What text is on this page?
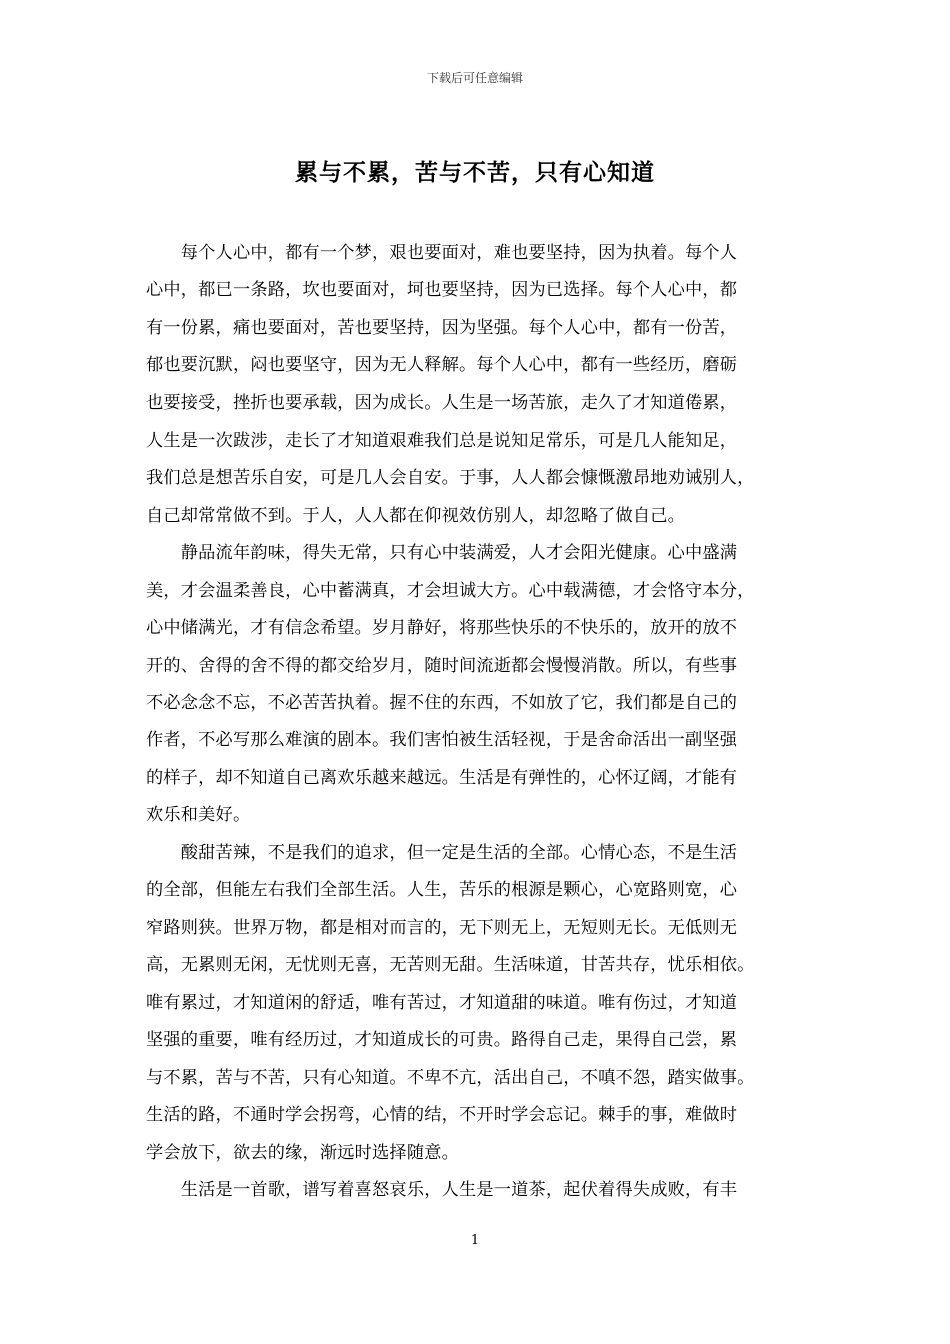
下载后可任意编辑
累与不累，苦与不苦，只有心知道
　　每个人心中，都有一个梦，艰也要面对，难也要坚持，因为执着。每个人
心中，都已一条路，坎也要面对，坷也要坚持，因为已选择。每个人心中，都
有一份累，痛也要面对，苦也要坚持，因为坚强。每个人心中，都有一份苦，
郁也要沉默，闷也要坚守，因为无人释解。每个人心中，都有一些经历，磨砺
也要接受，挫折也要承载，因为成长。人生是一场苦旅，走久了才知道倦累，
人生是一次跋涉，走长了才知道艰难我们总是说知足常乐，可是几人能知足，
我们总是想苦乐自安，可是几人会自安。于事，人人都会慷慨激昂地劝诫别人，
自己却常常做不到。于人，人人都在仰视效仿别人，却忽略了做自己。
　　静品流年韵味，得失无常，只有心中装满爱，人才会阳光健康。心中盛满
美，才会温柔善良，心中蓄满真，才会坦诚大方。心中载满德，才会恪守本分，
心中储满光，才有信念希望。岁月静好，将那些快乐的不快乐的，放开的放不
开的、舍得的舍不得的都交给岁月，随时间流逝都会慢慢消散。所以，有些事
不必念念不忘，不必苦苦执着。握不住的东西，不如放了它，我们都是自己的
作者，不必写那么难演的剧本。我们害怕被生活轻视，于是舍命活出一副坚强
的样子，却不知道自己离欢乐越来越远。生活是有弹性的，心怀辽阔，才能有
欢乐和美好。
　　酸甜苦辣，不是我们的追求，但一定是生活的全部。心情心态，不是生活
的全部，但能左右我们全部生活。人生，苦乐的根源是颗心，心宽路则宽，心
窄路则狭。世界万物，都是相对而言的，无下则无上，无短则无长。无低则无
高，无累则无闲，无忧则无喜，无苦则无甜。生活味道，甘苦共存，忧乐相依。
唯有累过，才知道闲的舒适，唯有苦过，才知道甜的味道。唯有伤过，才知道
坚强的重要，唯有经历过，才知道成长的可贵。路得自己走，果得自己尝，累
与不累，苦与不苦，只有心知道。不卑不亢，活出自己，不嗔不怨，踏实做事。
生活的路，不通时学会拐弯，心情的结，不开时学会忘记。棘手的事，难做时
学会放下，欲去的缘，渐远时选择随意。
　　生活是一首歌，谱写着喜怒哀乐，人生是一道茶，起伏着得失成败，有丰
1
